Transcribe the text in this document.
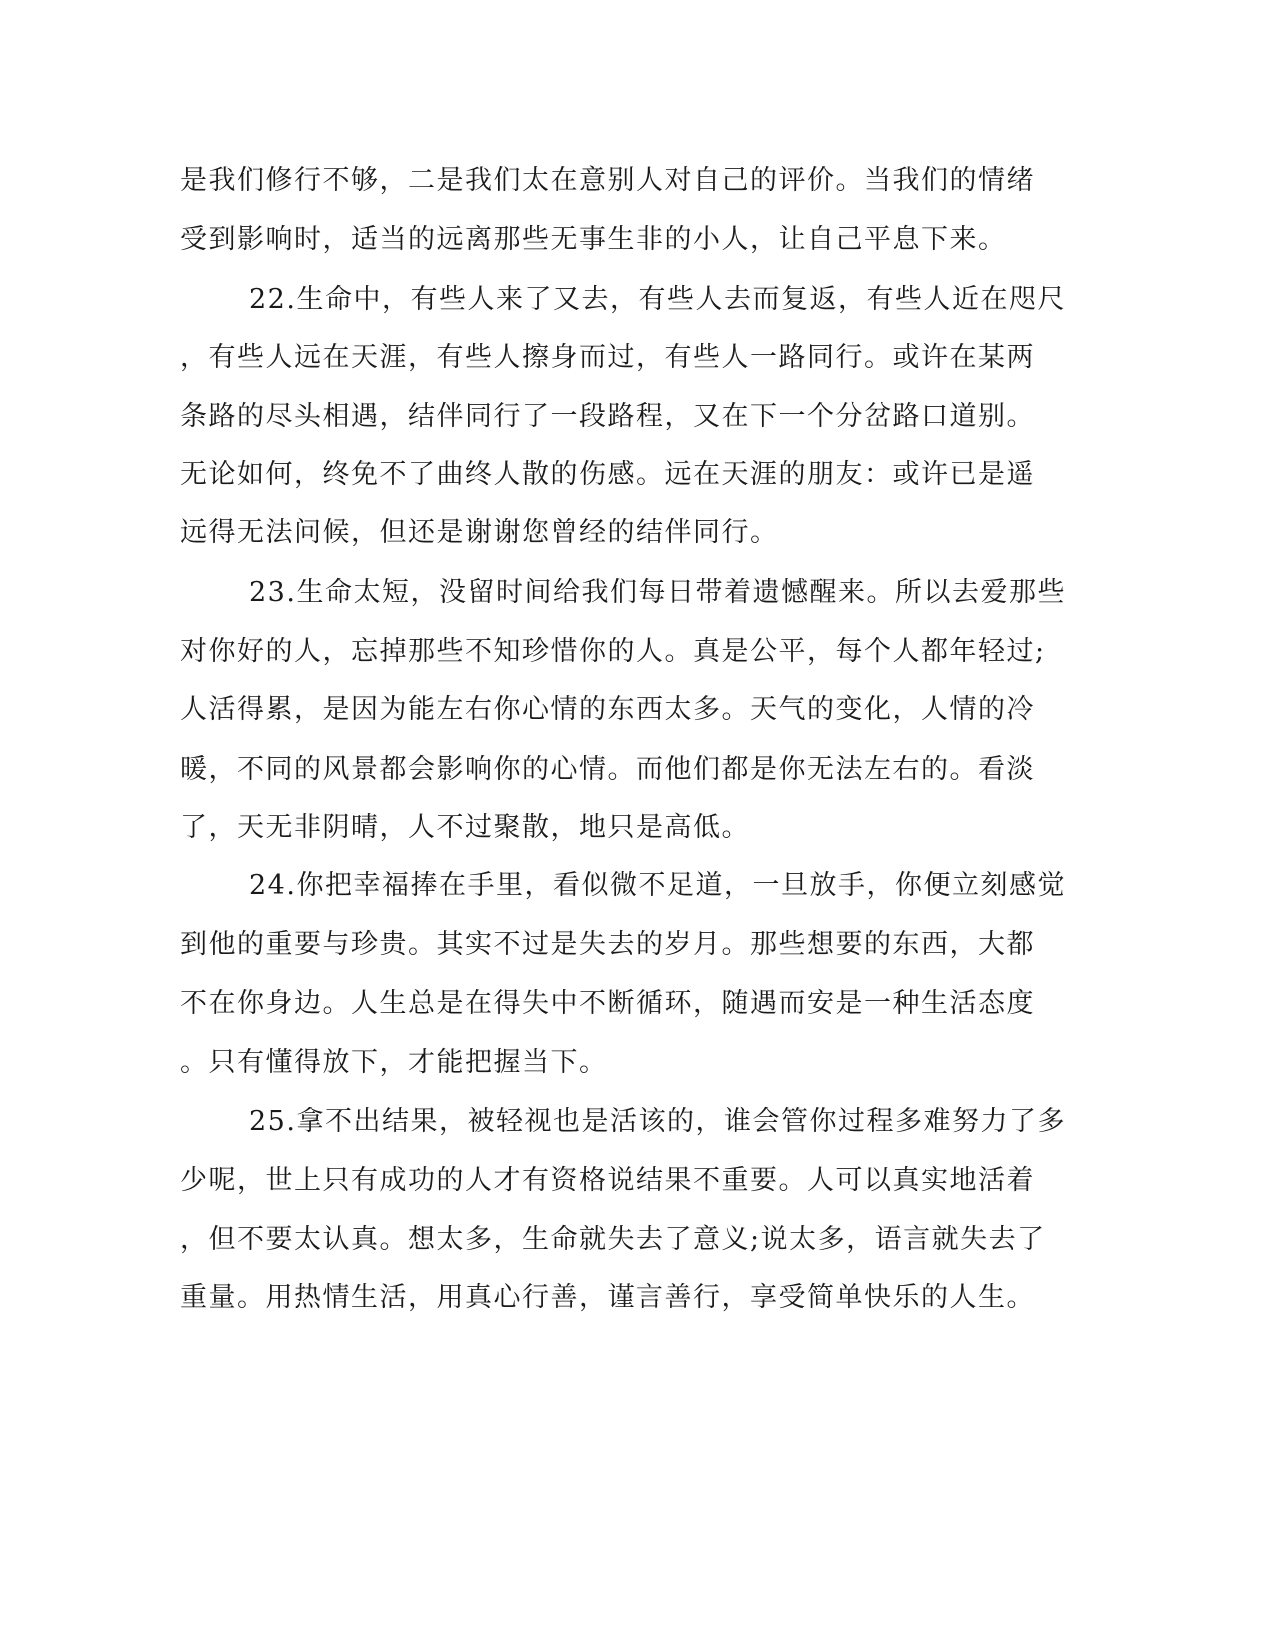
是我们修行不够，二是我们太在意别人对自己的评价。当我们的情绪
受到影响时，适当的远离那些无事生非的小人，让自己平息下来。
22.生命中，有些人来了又去，有些人去而复返，有些人近在咫尺
，有些人远在天涯，有些人擦身而过，有些人一路同行。或许在某两
条路的尽头相遇，结伴同行了一段路程，又在下一个分岔路口道别。
无论如何，终免不了曲终人散的伤感。远在天涯的朋友：或许已是遥
远得无法问候，但还是谢谢您曾经的结伴同行。
23.生命太短，没留时间给我们每日带着遗憾醒来。所以去爱那些
对你好的人，忘掉那些不知珍惜你的人。真是公平，每个人都年轻过;
人活得累，是因为能左右你心情的东西太多。天气的变化，人情的冷
暖，不同的风景都会影响你的心情。而他们都是你无法左右的。看淡
了，天无非阴晴，人不过聚散，地只是高低。
24.你把幸福捧在手里，看似微不足道，一旦放手，你便立刻感觉
到他的重要与珍贵。其实不过是失去的岁月。那些想要的东西，大都
不在你身边。人生总是在得失中不断循环，随遇而安是一种生活态度
。只有懂得放下，才能把握当下。
25.拿不出结果，被轻视也是活该的，谁会管你过程多难努力了多
少呢，世上只有成功的人才有资格说结果不重要。人可以真实地活着
，但不要太认真。想太多，生命就失去了意义;说太多，语言就失去了
重量。用热情生活，用真心行善，谨言善行，享受简单快乐的人生。
